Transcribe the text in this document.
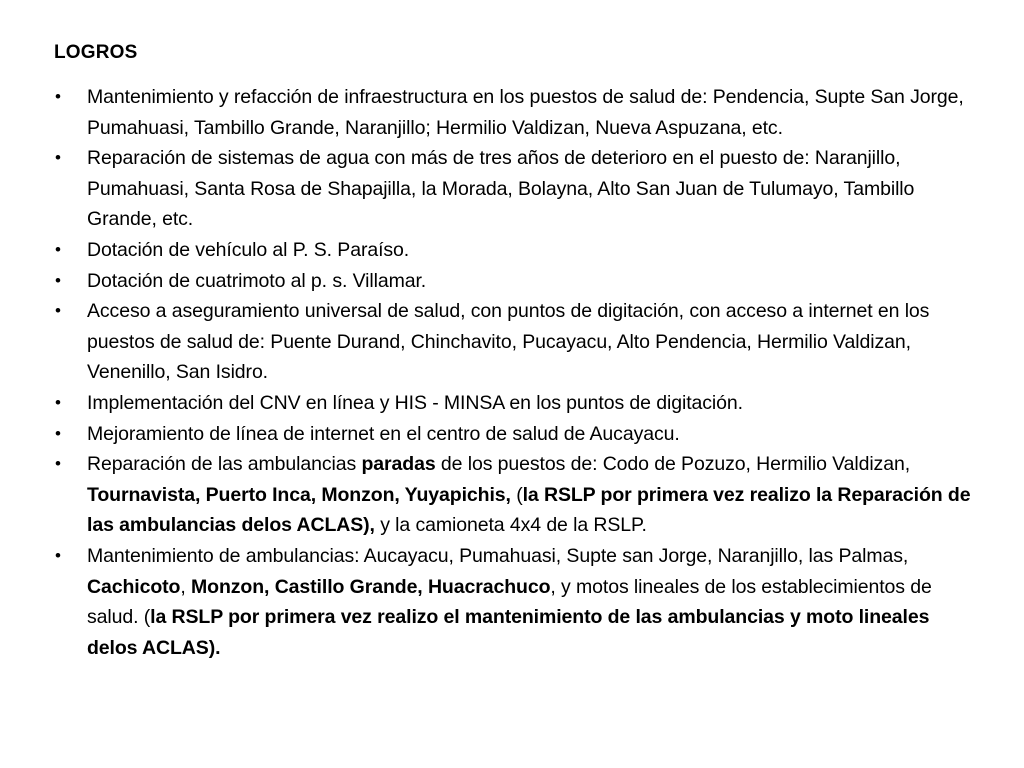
LOGROS
• Mantenimiento y refacción de infraestructura en los puestos de salud de: Pendencia, Supte San Jorge, Pumahuasi, Tambillo Grande, Naranjillo; Hermilio Valdizan, Nueva Aspuzana, etc.
• Reparación de sistemas de agua con más de tres años de deterioro en el puesto de: Naranjillo, Pumahuasi, Santa Rosa de Shapajilla, la Morada, Bolayna, Alto San Juan de Tulumayo, Tambillo Grande, etc.
• Dotación de vehículo al P. S. Paraíso.
• Dotación de cuatrimoto al p. s. Villamar.
• Acceso a aseguramiento universal de salud, con puntos de digitación, con acceso a internet en los puestos de salud de: Puente Durand, Chinchavito, Pucayacu, Alto Pendencia, Hermilio Valdizan, Venenillo, San Isidro.
• Implementación del CNV en línea y HIS - MINSA en los puntos de digitación.
• Mejoramiento de línea de internet en el centro de salud de Aucayacu.
• Reparación de las ambulancias paradas de los puestos de: Codo de Pozuzo, Hermilio Valdizan, Tournavista, Puerto Inca, Monzon, Yuyapichis, (la RSLP por primera vez realizo la Reparación de las ambulancias delos ACLAS), y la camioneta 4x4 de la RSLP.
• Mantenimiento de ambulancias: Aucayacu, Pumahuasi, Supte san Jorge, Naranjillo, las Palmas, Cachicoto, Monzon, Castillo Grande, Huacrachuco, y motos lineales de los establecimientos de salud. (la RSLP por primera vez realizo el mantenimiento de las ambulancias y moto lineales delos ACLAS).
